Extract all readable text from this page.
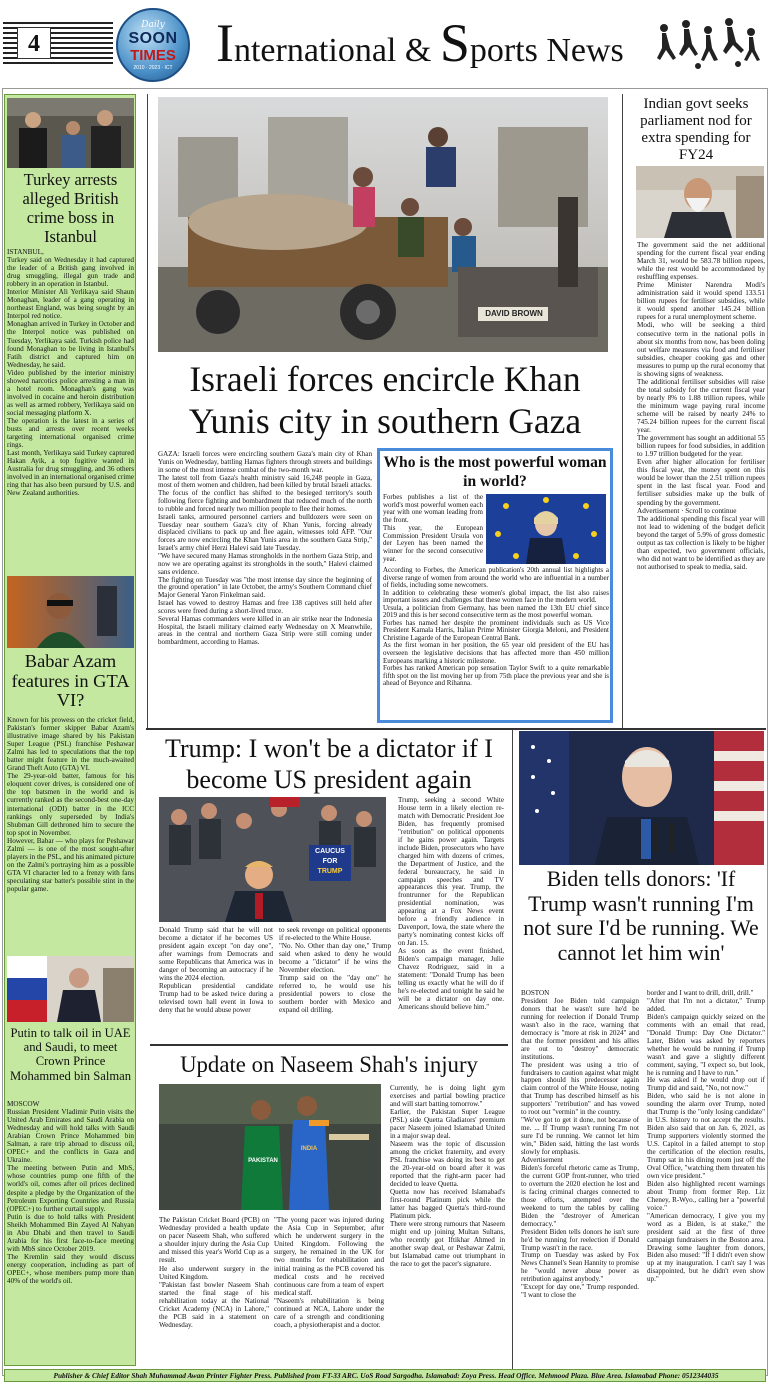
4
Daily
SOON
TIMES
2010 · 2023 · ICT International & Sports News
Turkey arrests alleged British crime boss in Istanbul
ISTANBUL,
Turkey said on Wednesday it had captured the leader of a British gang involved in drug smuggling, illegal gun trade and robbery in an operation in Istanbul.
Interior Minister Ali Yerlikaya said Shaun Monaghan, leader of a gang operating in northeast England, was being sought by an Interpol red notice.
Monaghan arrived in Turkey in October and the Interpol notice was published on Tuesday, Yerlikaya said. Turkish police had found Monaghan to be living in Istanbul's Fatih district and captured him on Wednesday, he said.
Video published by the interior ministry showed narcotics police arresting a man in a hotel room. Monaghan's gang was involved in cocaine and heroin distribution as well as armed robbery, Yerlikaya said on social messaging platform X.
The operation is the latest in a series of busts and arrests over recent weeks targeting international organised crime rings.
Last month, Yerlikaya said Turkey captured Hakan Ayik, a top fugitive wanted in Australia for drug smuggling, and 36 others involved in an international organised crime ring that has also been pursued by U.S. and New Zealand authorities.
Babar Azam features in GTA VI?
Known for his prowess on the cricket field, Pakistan's former skipper Babar Azam's illustrative image shared by his Pakistan Super League (PSL) franchise Peshawar Zalmi has led to speculations that the top batter might feature in the much-awaited Grand Theft Auto (GTA) VI.
The 29-year-old batter, famous for his eloquent cover drives, is considered one of the top batsmen in the world and is currently ranked as the second-best one-day international (ODI) batter in the ICC rankings only superseded by India's Shubman Gill dethroned him to secure the top spot in November.
However, Babar — who plays for Peshawar Zalmi — is one of the most sought-after players in the PSL, and his animated picture on the Zalmi's portraying him as a possible GTA VI character led to a frenzy with fans speculating star batter's possible stint in the popular game.
Putin to talk oil in UAE and Saudi, to meet Crown Prince Mohammed bin Salman
MOSCOW
Russian President Vladimir Putin visits the United Arab Emirates and Saudi Arabia on Wednesday and will hold talks with Saudi Arabian Crown Prince Mohammed bin Salman, a rare trip abroad to discuss oil, OPEC+ and the conflicts in Gaza and Ukraine.
The meeting between Putin and MbS, whose countries pump one fifth of the world's oil, comes after oil prices declined despite a pledge by the Organization of the Petroleum Exporting Countries and Russia (OPEC+) to further curtail supply.
Putin is due to hold talks with President Sheikh Mohammed Bin Zayed Al Nahyan in Abu Dhabi and then travel to Saudi Arabia for his first face-to-face meeting with MbS since October 2019.
The Kremlin said they would discuss energy cooperation, including as part of OPEC+, whose members pump more than 40% of the world's oil.
DAVID BROWN
Israeli forces encircle Khan Yunis city in southern Gaza
GAZA: Israeli forces were encircling southern Gaza's main city of Khan Yunis on Wednesday, battling Hamas fighters through streets and buildings in some of the most intense combat of the two-month war.
The latest toll from Gaza's health ministry said 16,248 people in Gaza, most of them women and children, had been killed by brutal Israeli attacks.
The focus of the conflict has shifted to the besieged territory's south following fierce fighting and bombardment that reduced much of the north to rubble and forced nearly two million people to flee their homes.
Israeli tanks, armoured personnel carriers and bulldozers were seen on Tuesday near southern Gaza's city of Khan Yunis, forcing already displaced civilians to pack up and flee again, witnesses told AFP. "Our forces are now encircling the Khan Yunis area in the southern Gaza Strip," Israel's army chief Herzi Halevi said late Tuesday.
"We have secured many Hamas strongholds in the northern Gaza Strip, and now we are operating against its strongholds in the south," Halevi claimed sans evidence.
The fighting on Tuesday was "the most intense day since the beginning of the ground operation" in late October, the army's Southern Command chief Major General Yaron Finkelman said.
Israel has vowed to destroy Hamas and free 138 captives still held after scores were freed during a short-lived truce.
Several Hamas commanders were killed in an air strike near the Indonesia Hospital, the Israeli military claimed early Wednesday on X Meanwhile, areas in the central and northern Gaza Strip were still coming under bombardment, according to Hamas.
Who is the most powerful woman in world?
Forbes publishes a list of the world's most powerful women each year with one woman leading from the front.
This year, the European Commission President Ursula von der Leyen has been named the winner for the second consecutive year.
According to Forbes, the American publication's 20th annual list highlights a diverse range of women from around the world who are influential in a number of fields, including some newcomers.
In addition to celebrating these women's global impact, the list also raises important issues and challenges that these women face in the modern world.
Ursula, a politician from Germany, has been named the 13th EU chief since 2019 and this is her second consecutive term as the most powerful woman.
Forbes has named her despite the prominent individuals such as US Vice President Kamala Harris, Italian Prime Minister Giorgia Meloni, and President Christine Lagarde of the European Central Bank.
As the first woman in her position, the 65 year old president of the EU has overseen the legislative decisions that has affected more than 450 million Europeans marking a historic milestone.
Forbes has ranked American pop sensation Taylor Swift to a quite remarkable fifth spot on the list moving her up from 75th place the previous year and she is ahead of Beyonce and Rihanna.
Indian govt seeks parliament nod for extra spending for FY24
The government said the net additional spending for the current fiscal year ending March 31, would be 583.78 billion rupees, while the rest would be accommodated by reshuffling expenses.
Prime Minister Narendra Modi's administration said it would spend 133.51 billion rupees for fertiliser subsidies, while it would spend another 145.24 billion rupees for a rural unemployment scheme.
Modi, who will be seeking a third consecutive term in the national polls in about six months from now, has been doling out welfare measures via food and fertiliser subsidies, cheaper cooking gas and other measures to pump up the rural economy that is showing signs of weakness.
The additional fertiliser subsidies will raise the total subsidy for the current fiscal year by nearly 8% to 1.88 trillion rupees, while the minimum wage paying rural income scheme will be raised by nearly 24% to 745.24 billion rupees for the current fiscal year.
The government has sought an additional 55 billion rupees for food subsidies, in addition to 1.97 trillion budgeted for the year.
Even after higher allocation for fertiliser this fiscal year, the money spent on this would be lower than the 2.51 trillion rupees spent in the last fiscal year. Food and fertiliser subsidies make up the bulk of spending by the government.
Advertisement · Scroll to continue
The additional spending this fiscal year will not lead to widening of the budget deficit beyond the target of 5.9% of gross domestic output as tax collection is likely to be higher than expected, two government officials, who did not want to be identified as they are not authorised to speak to media, said.
Trump: I won't be a dictator if I become US president again
CAUCUS
FOR
TRUMP
Trump, seeking a second White House term in a likely election re-match with Democratic President Joe Biden, has frequently promised "retribution" on political opponents if he gains power again. Targets include Biden, prosecutors who have charged him with dozens of crimes, the Department of Justice, and the federal bureaucracy, he said in campaign speeches and TV appearances this year. Trump, the frontrunner for the Republican presidential nomination, was appearing at a Fox News event before a friendly audience in Davenport, Iowa, the state where the party's nominating contest kicks off on Jan. 15.
As soon as the event finished, Biden's campaign manager, Julie Chavez Rodriguez, said in a statement: "Donald Trump has been telling us exactly what he will do if he's re-elected and tonight he said he will be a dictator on day one. Americans should believe him."
Donald Trump said that he will not become a dictator if he becomes US president again except "on day one", after warnings from Democrats and some Republicans that America was in danger of becoming an autocracy if he wins the 2024 election.
Republican presidential candidate Trump had to be asked twice during a televised town hall event in Iowa to deny that he would abuse power
to seek revenge on political opponents if re-elected to the White House.
"No. No. Other than day one," Trump said when asked to deny he would become a "dictator" if he wins the November election.
Trump said on the "day one" he referred to, he would use his presidential powers to close the southern border with Mexico and expand oil drilling.
Update on Naseem Shah's injury
PAKISTAN
INDIA
Currently, he is doing light gym exercises and partial bowling practice and will start batting tomorrow."
Earlier, the Pakistan Super League (PSL) side Quetta Gladiators' premium pacer Naseem joined Islamabad United in a major swap deal.
Naseem was the topic of discussion among the cricket fraternity, and every PSL franchise was doing its best to get the 20-year-old on board after it was reported that the right-arm pacer had decided to leave Quetta.
Quetta now has received Islamabad's first-round Platinum pick while the latter has bagged Quetta's third-round Platinum pick.
There were strong rumours that Naseem might end up joining Multan Sultans, who recently got Iftikhar Ahmed in another swap deal, or Peshawar Zalmi, but Islamabad came out triumphant in the race to get the pacer's signature.
The Pakistan Cricket Board (PCB) on Wednesday provided a health update on pacer Naseem Shah, who suffered a shoulder injury during the Asia Cup and missed this year's World Cup as a result.
He also underwent surgery in the United Kingdom.
"Pakistan fast bowler Naseem Shah started the final stage of his rehabilitation today at the National Cricket Academy (NCA) in Lahore," the PCB said in a statement on Wednesday.
"The young pacer was injured during the Asia Cup in September, after which he underwent surgery in the United Kingdom. Following the surgery, he remained in the UK for two months for rehabilitation and initial training as the PCB covered his medical costs and he received continuous care from a team of expert medical staff.
"Naseem's rehabilitation is being continued at NCA, Lahore under the care of a strength and conditioning coach, a physiotherapist and a doctor.
Biden tells donors: 'If Trump wasn't running I'm not sure I'd be running. We cannot let him win'
BOSTON
President Joe Biden told campaign donors that he wasn't sure he'd be running for reelection if Donald Trump wasn't also in the race, warning that democracy is "more at risk in 2024" and that the former president and his allies are out to "destroy" democratic institutions.
The president was using a trio of fundraisers to caution against what might happen should his predecessor again claim control of the White House, noting that Trump has described himself as his supporters' "retribution" and has vowed to root out "vermin" in the country.
"We've got to get it done, not because of me. ... If Trump wasn't running I'm not sure I'd be running. We cannot let him win," Biden said, hitting the last words slowly for emphasis.
Advertisement
Biden's forceful rhetoric came as Trump, the current GOP front-runner, who tried to overturn the 2020 election he lost and is facing criminal charges connected to those efforts, attempted over the weekend to turn the tables by calling Biden the "destroyer of American democracy."
President Biden tells donors he isn't sure he'd be running for reelection if Donald Trump wasn't in the race.
Trump on Tuesday was asked by Fox News Channel's Sean Hannity to promise he "would never abuse power as retribution against anybody."
"Except for day one," Trump responded. "I want to close the
border and I want to drill, drill, drill."
"After that I'm not a dictator," Trump added.
Biden's campaign quickly seized on the comments with an email that read, "Donald Trump: Day One Dictator." Later, Biden was asked by reporters whether he would be running if Trump wasn't and gave a slightly different comment, saying, "I expect so, but look, he is running and I have to run."
He was asked if he would drop out if Trump did and said, "No, not now."
Biden, who said he is not alone in sounding the alarm over Trump, noted that Trump is the "only losing candidate" in U.S. history to not accept the results. Biden also said that on Jan. 6, 2021, as Trump supporters violently stormed the U.S. Capitol in a failed attempt to stop the certification of the election results, Trump sat in his dining room just off the Oval Office, "watching them threaten his own vice president."
Biden also highlighted recent warnings about Trump from former Rep. Liz Cheney, R-Wyo., calling her a "powerful voice."
"American democracy, I give you my word as a Biden, is at stake," the president said at the first of three campaign fundraisers in the Boston area. Drawing some laughter from donors, Biden also mused: "If I didn't even show up at my inauguration. I can't say I was disappointed, but he didn't even show up."
Publisher & Chief Editor Shah Muhammad Awan Printer Fighter Press. Published from FT-33 ARC. UoS Road Sargodha. Islamabad: Zoya Press. Head Office. Mehmood Plaza. Blue Area. Islamabad Phone: 0512344035
